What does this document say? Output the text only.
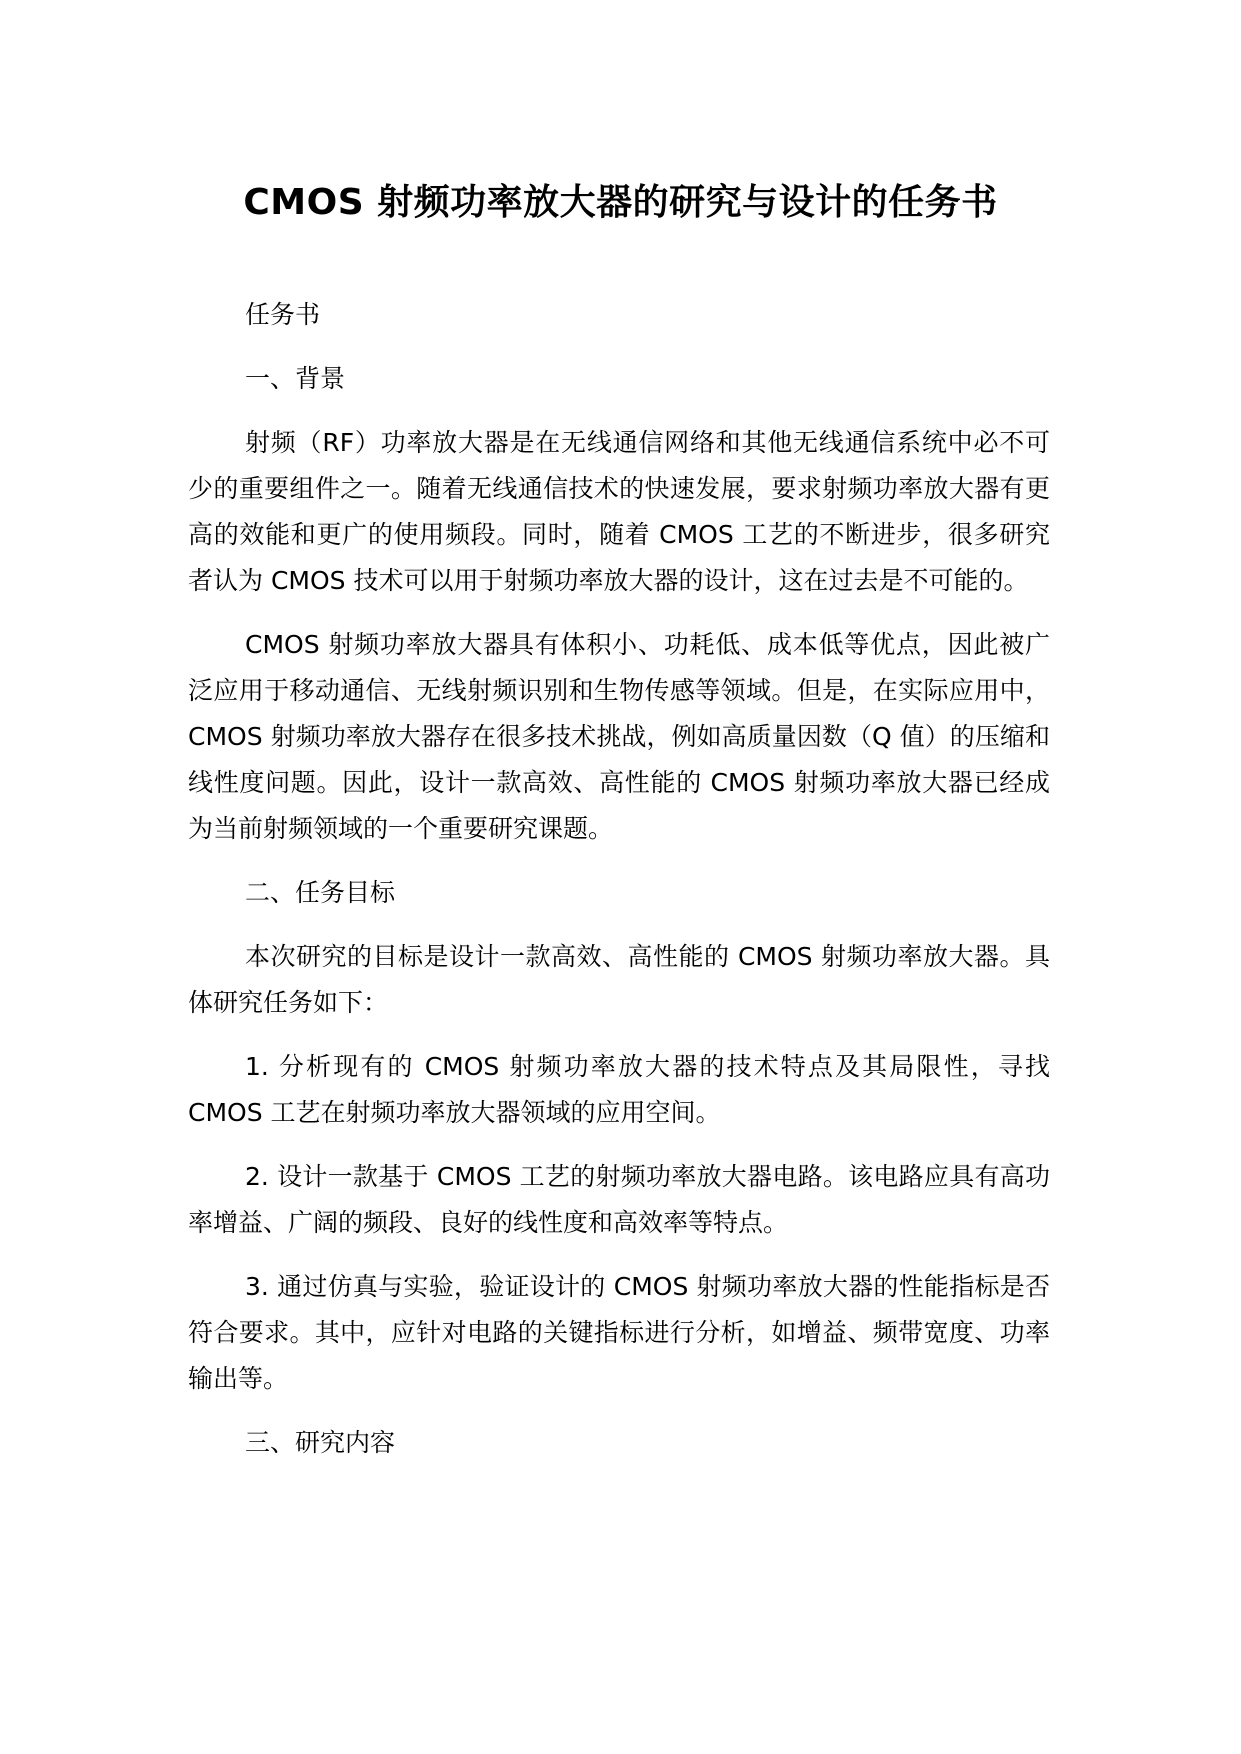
CMOS 射频功率放大器的研究与设计的任务书

任务书

一、背景

射频（RF）功率放大器是在无线通信网络和其他无线通信系统中必不可少的重要组件之一。随着无线通信技术的快速发展，要求射频功率放大器有更高的效能和更广的使用频段。同时，随着 CMOS 工艺的不断进步，很多研究者认为 CMOS 技术可以用于射频功率放大器的设计，这在过去是不可能的。

CMOS 射频功率放大器具有体积小、功耗低、成本低等优点，因此被广泛应用于移动通信、无线射频识别和生物传感等领域。但是，在实际应用中，CMOS 射频功率放大器存在很多技术挑战，例如高质量因数（Q 值）的压缩和线性度问题。因此，设计一款高效、高性能的 CMOS 射频功率放大器已经成为当前射频领域的一个重要研究课题。

二、任务目标

本次研究的目标是设计一款高效、高性能的 CMOS 射频功率放大器。具体研究任务如下：

1. 分析现有的 CMOS 射频功率放大器的技术特点及其局限性，寻找 CMOS 工艺在射频功率放大器领域的应用空间。

2. 设计一款基于 CMOS 工艺的射频功率放大器电路。该电路应具有高功率增益、广阔的频段、良好的线性度和高效率等特点。

3. 通过仿真与实验，验证设计的 CMOS 射频功率放大器的性能指标是否符合要求。其中，应针对电路的关键指标进行分析，如增益、频带宽度、功率输出等。

三、研究内容
